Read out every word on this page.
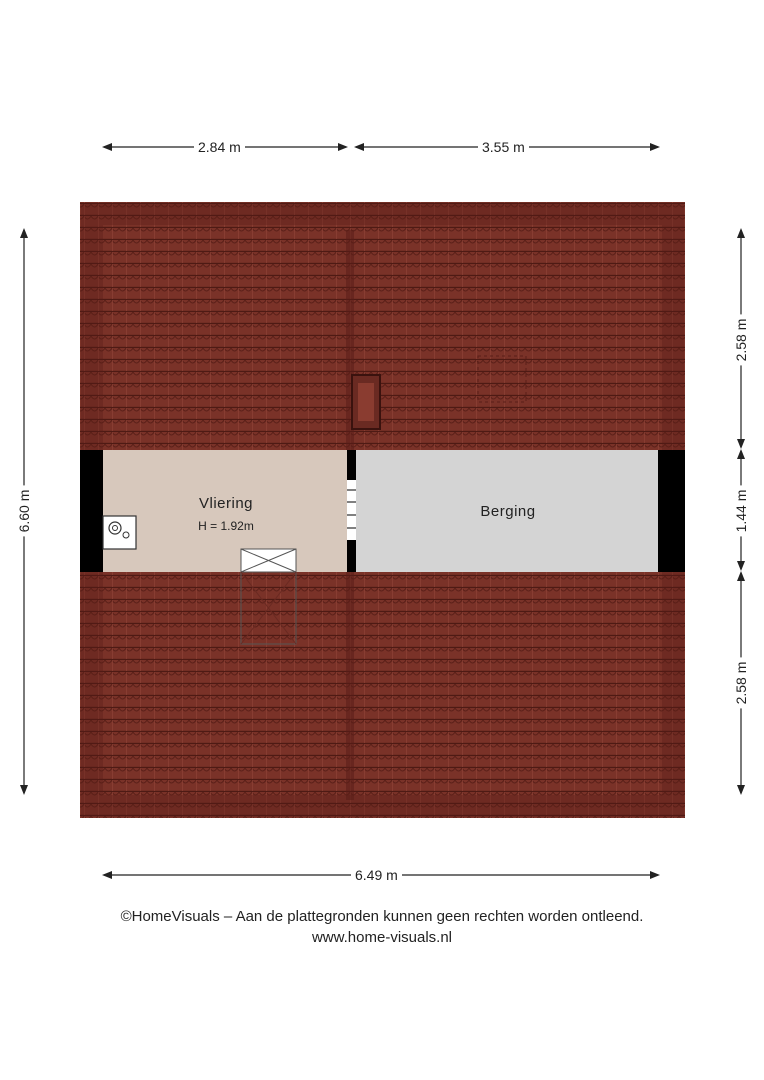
2.84 m	3.55 m
6.49 m
6.60 m
2.58 m
1.44 m
2.58 m
Vliering
H = 1.92m
Berging
©HomeVisuals – Aan de plattegronden kunnen geen rechten worden ontleend.
www.home-visuals.nl
